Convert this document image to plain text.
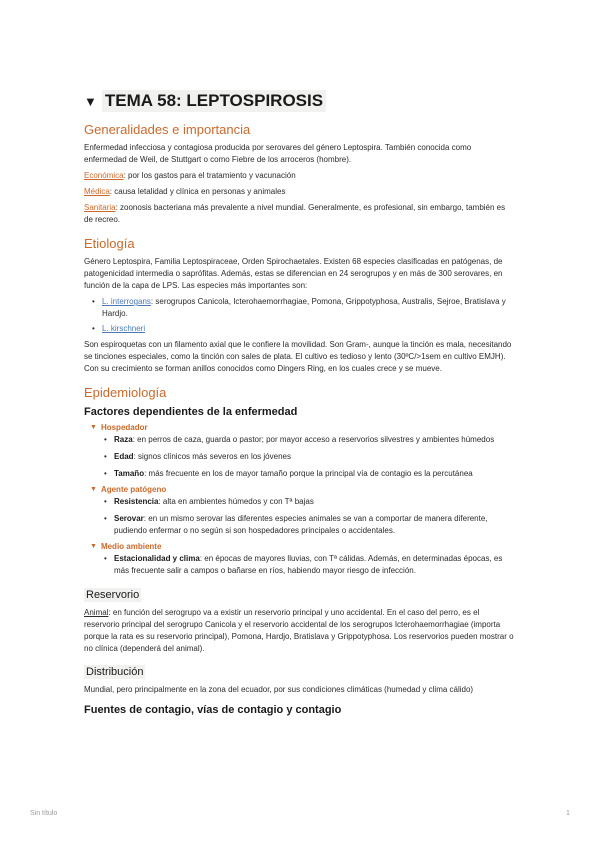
▼ TEMA 58: LEPTOSPIROSIS
Generalidades e importancia
Enfermedad infecciosa y contagiosa producida por serovares del género Leptospira. También conocida como enfermedad de Weil, de Stuttgart o como Fiebre de los arroceros (hombre).
Económica: por los gastos para el tratamiento y vacunación
Médica: causa letalidad y clínica en personas y animales
Sanitaria: zoonosis bacteriana más prevalente a nivel mundial. Generalmente, es profesional, sin embargo, también es de recreo.
Etiología
Género Leptospira, Familia Leptospiraceae, Orden Spirochaetales. Existen 68 especies clasificadas en patógenas, de patogenicidad intermedia o saprófitas. Además, estas se diferencian en 24 serogrupos y en más de 300 serovares, en función de la capa de LPS. Las especies más importantes son:
• L. interrogans: serogrupos Canicola, Icterohaemorrhagiae, Pomona, Grippotyphosa, Australis, Sejroe, Bratislava y Hardjo.
• L. kirschneri
Son espiroquetas con un filamento axial que le confiere la movilidad. Son Gram-, aunque la tinción es mala, necesitando se tinciones especiales, como la tinción con sales de plata. El cultivo es tedioso y lento (30ºC/>1sem en cultivo EMJH). Con su crecimiento se forman anillos conocidos como Dingers Ring, en los cuales crece y se mueve.
Epidemiología
Factores dependientes de la enfermedad
▼ Hospedador
• Raza: en perros de caza, guarda o pastor; por mayor acceso a reservorios silvestres y ambientes húmedos
• Edad: signos clínicos más severos en los jóvenes
• Tamaño: más frecuente en los de mayor tamaño porque la principal vía de contagio es la percutánea
▼ Agente patógeno
• Resistencia: alta en ambientes húmedos y con Tª bajas
• Serovar: en un mismo serovar las diferentes especies animales se van a comportar de manera diferente, pudiendo enfermar o no según si son hospedadores principales o accidentales.
▼ Medio ambiente
• Estacionalidad y clima: en épocas de mayores lluvias, con Tª cálidas. Además, en determinadas épocas, es más frecuente salir a campos o bañarse en ríos, habiendo mayor riesgo de infección.
Reservorio
Animal: en función del serogrupo va a existir un reservorio principal y uno accidental. En el caso del perro, es el reservorio principal del serogrupo Canicola y el reservorio accidental de los serogrupos Icterohaemorrhagiae (importa porque la rata es su reservorio principal), Pomona, Hardjo, Bratislava y Grippotyphosa. Los reservorios pueden mostrar o no clínica (dependerá del animal).
Distribución
Mundial, pero principalmente en la zona del ecuador, por sus condiciones climáticas (humedad y clima cálido)
Fuentes de contagio, vías de contagio y contagio
Sin título	1
